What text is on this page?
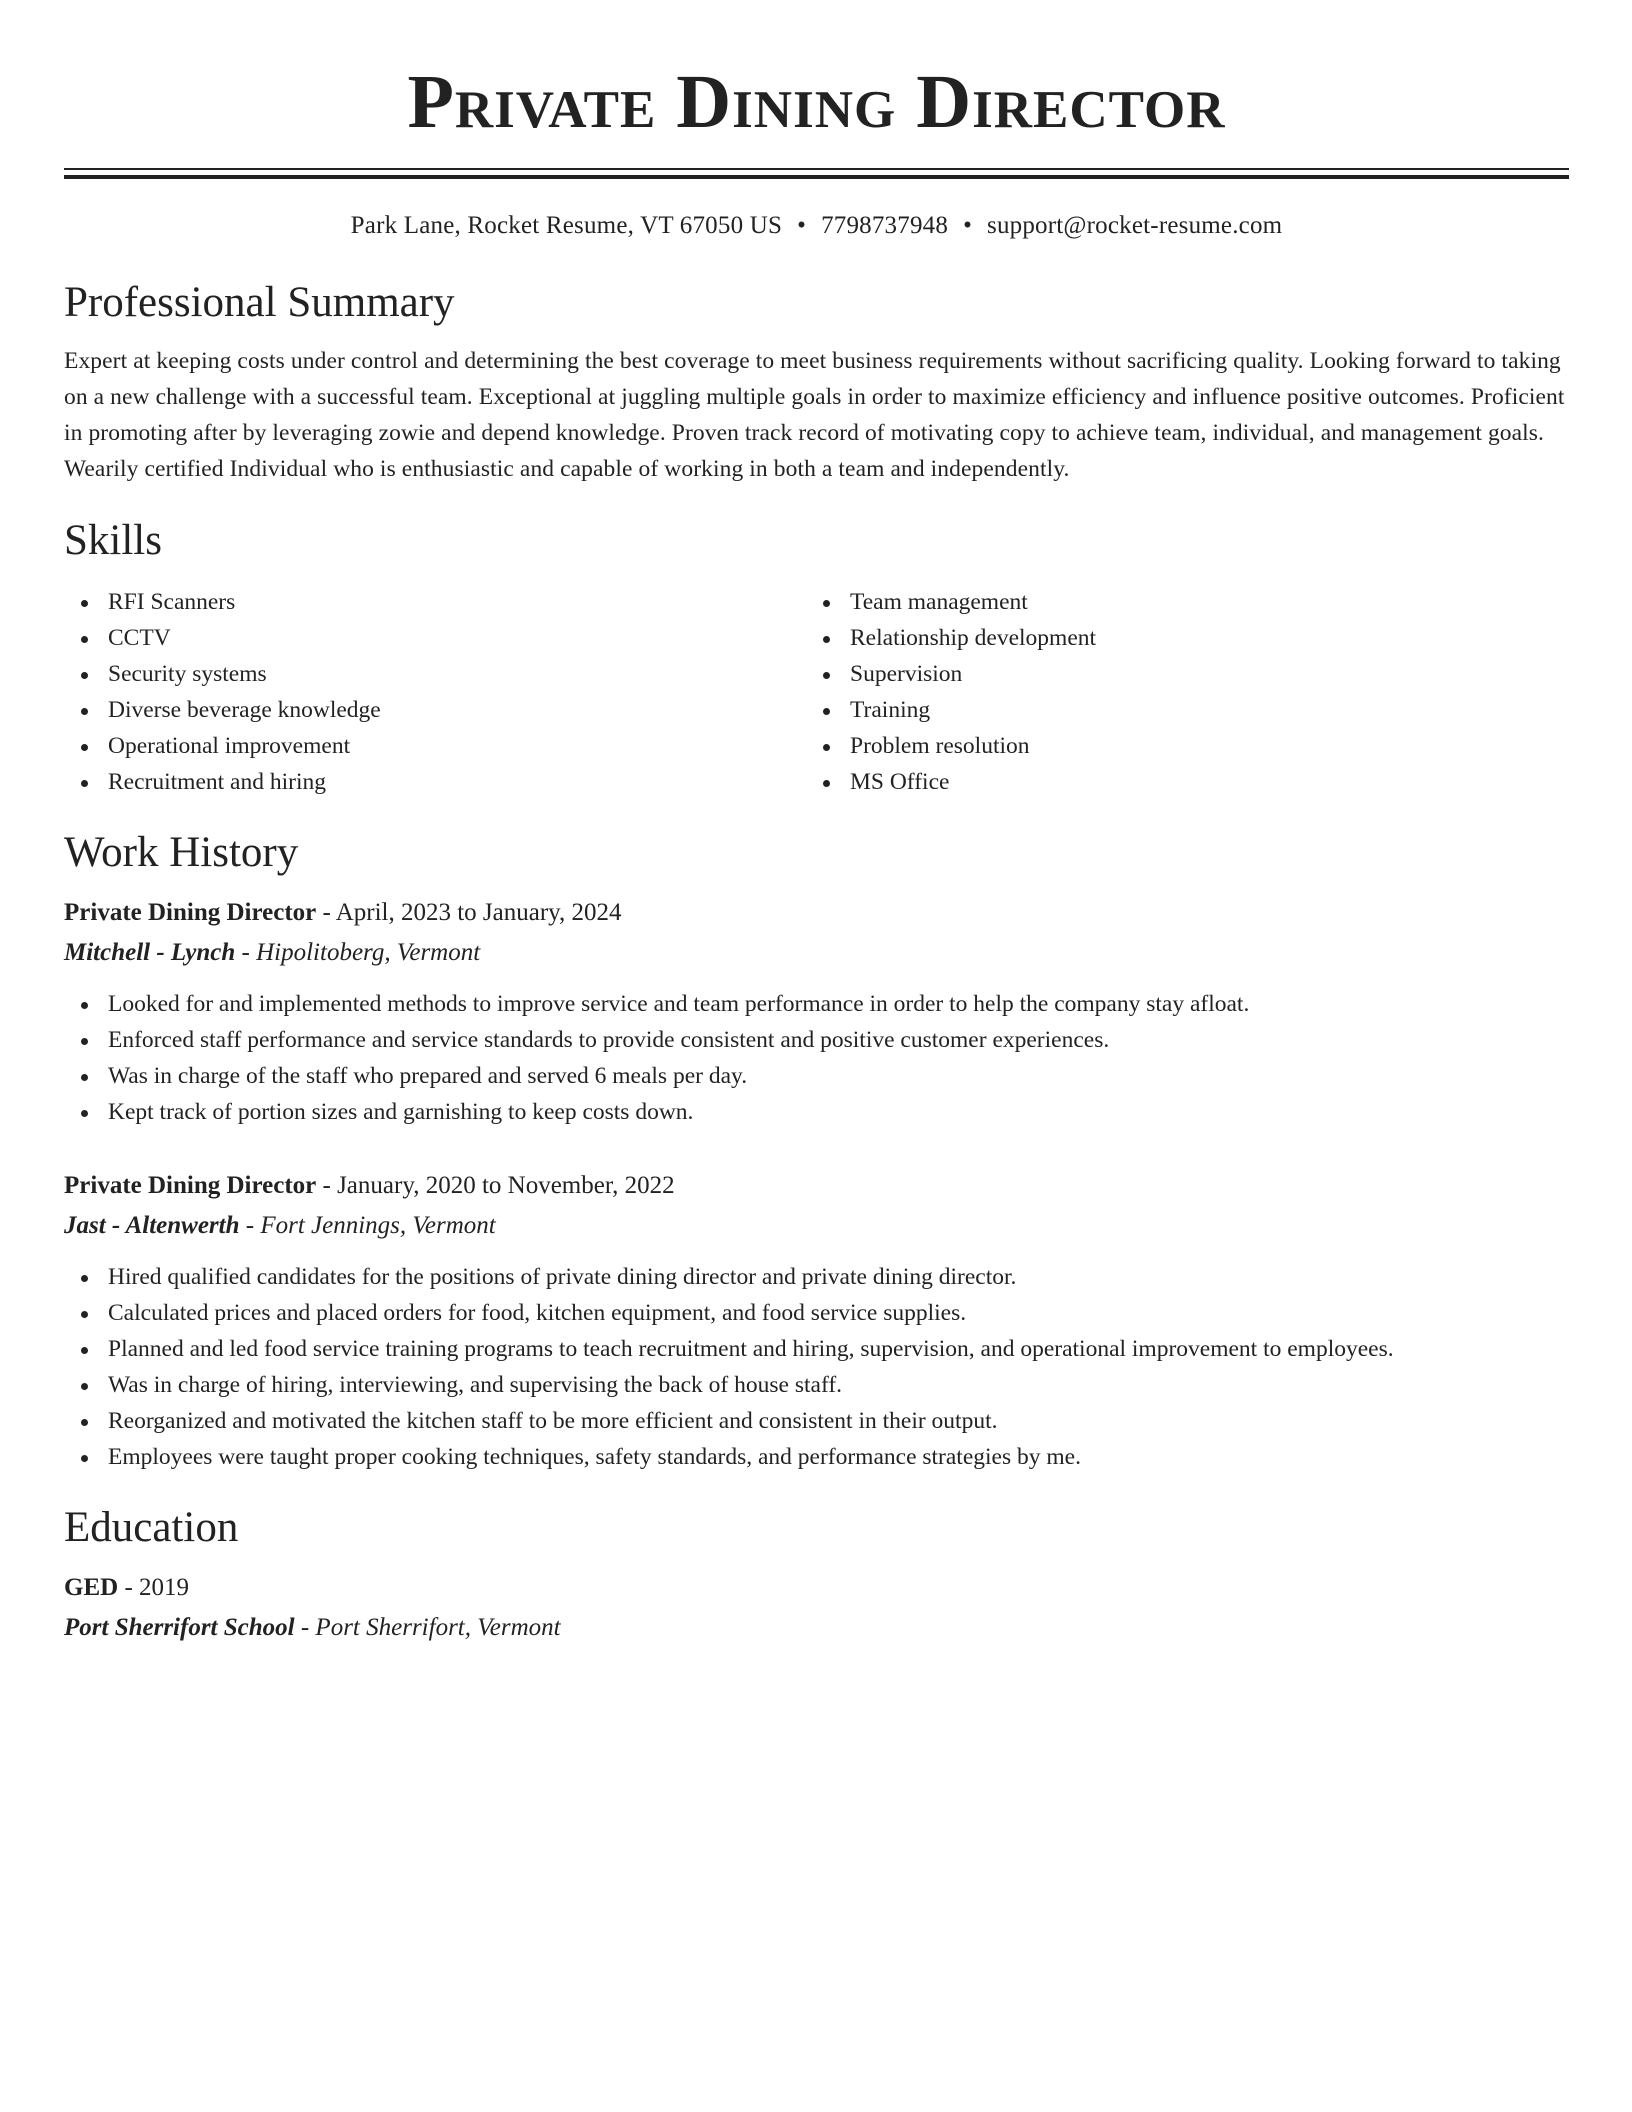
Private Dining Director
Park Lane, Rocket Resume, VT 67050 US • 7798737948 • support@rocket-resume.com
Professional Summary

Expert at keeping costs under control and determining the best coverage to meet business requirements without sacrificing quality. Looking forward to taking on a new challenge with a successful team. Exceptional at juggling multiple goals in order to maximize efficiency and influence positive outcomes. Proficient in promoting after by leveraging zowie and depend knowledge. Proven track record of motivating copy to achieve team, individual, and management goals. Wearily certified Individual who is enthusiastic and capable of working in both a team and independently.

Skills
RFI Scanners
CCTV
Security systems
Diverse beverage knowledge
Operational improvement
Recruitment and hiring
Team management
Relationship development
Supervision
Training
Problem resolution
MS Office
Work History
Private Dining Director - April, 2023 to January, 2024
Mitchell - Lynch - Hipolitoberg, Vermont
Looked for and implemented methods to improve service and team performance in order to help the company stay afloat.
Enforced staff performance and service standards to provide consistent and positive customer experiences.
Was in charge of the staff who prepared and served 6 meals per day.
Kept track of portion sizes and garnishing to keep costs down.
Private Dining Director - January, 2020 to November, 2022
Jast - Altenwerth - Fort Jennings, Vermont
Hired qualified candidates for the positions of private dining director and private dining director.
Calculated prices and placed orders for food, kitchen equipment, and food service supplies.
Planned and led food service training programs to teach recruitment and hiring, supervision, and operational improvement to employees.
Was in charge of hiring, interviewing, and supervising the back of house staff.
Reorganized and motivated the kitchen staff to be more efficient and consistent in their output.
Employees were taught proper cooking techniques, safety standards, and performance strategies by me.
Education
GED - 2019
Port Sherrifort School - Port Sherrifort, Vermont
